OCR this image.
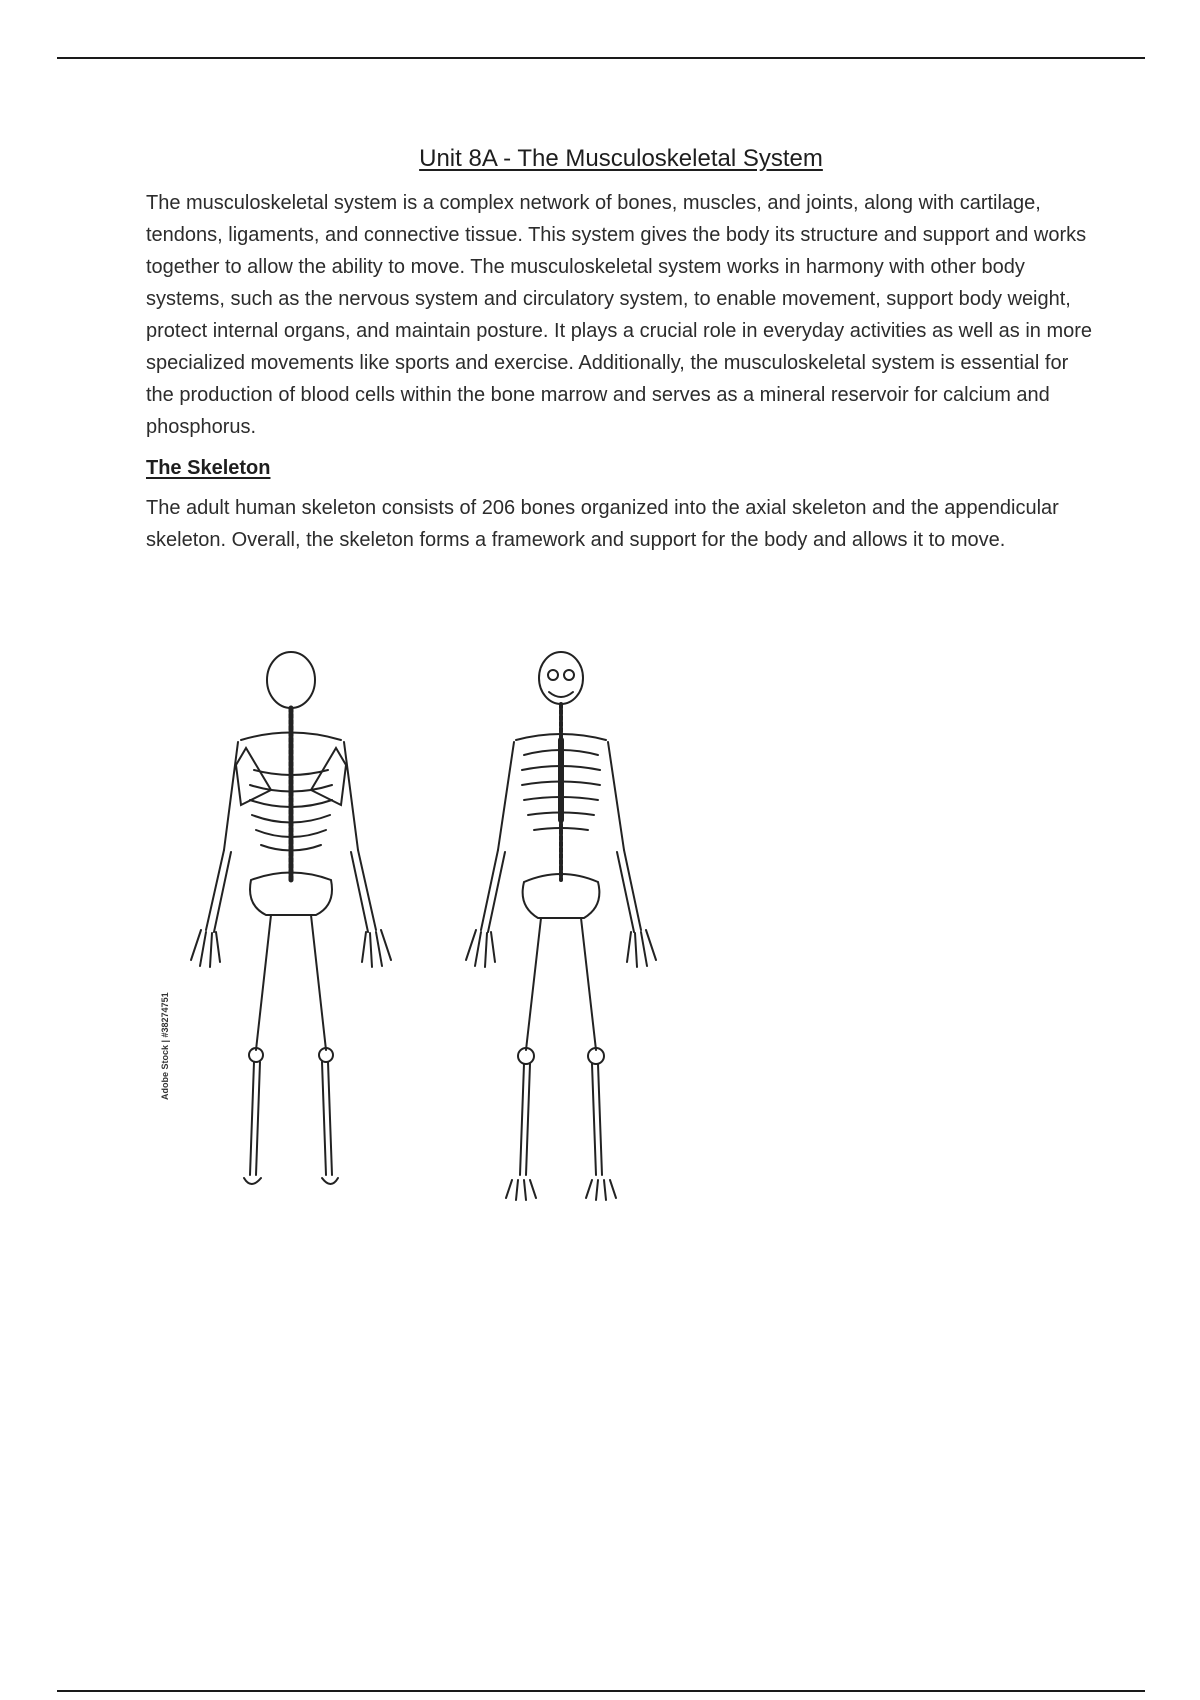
Unit 8A - The Musculoskeletal System

The musculoskeletal system is a complex network of bones, muscles, and joints, along with cartilage, tendons, ligaments, and connective tissue. This system gives the body its structure and support and works together to allow the ability to move. The musculoskeletal system works in harmony with other body systems, such as the nervous system and circulatory system, to enable movement, support body weight, protect internal organs, and maintain posture. It plays a crucial role in everyday activities as well as in more specialized movements like sports and exercise. Additionally, the musculoskeletal system is essential for the production of blood cells within the bone marrow and serves as a mineral reservoir for calcium and phosphorus.

The Skeleton

The adult human skeleton consists of 206 bones organized into the axial skeleton and the appendicular skeleton. Overall, the skeleton forms a framework and support for the body and allows it to move.

Adobe Stock | #38274751
